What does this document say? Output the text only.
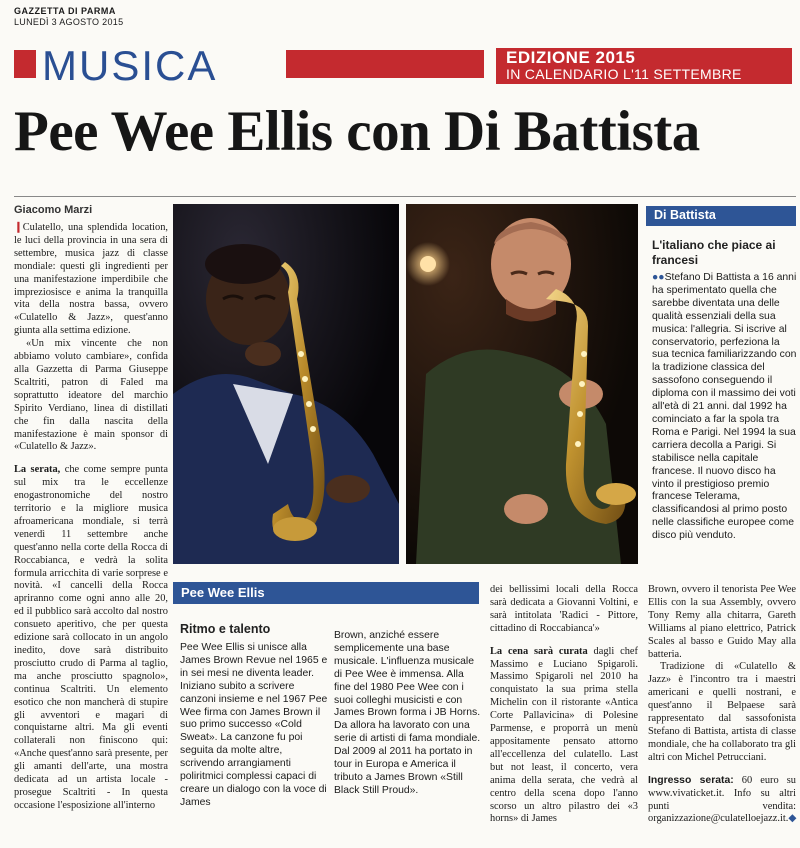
GAZZETTA DI PARMA
LUNEDÌ 3 AGOSTO 2015
MUSICA	EDIZIONE 2015
IN CALENDARIO L'11 SETTEMBRE
Pee Wee Ellis con Di Battista
Giacomo Marzi

❙Culatello, una splendida location, le luci della provincia in una sera di settembre, musica jazz di classe mondiale: questi gli ingredienti per una manifestazione imperdibile che impreziosisce e anima la tranquilla vita della nostra bassa, ovvero «Culatello & Jazz», quest'anno giunta alla settima edizione.

«Un mix vincente che non abbiamo voluto cambiare», confida alla Gazzetta di Parma Giuseppe Scaltriti, patron di Faled ma soprattutto ideatore del marchio Spirito Verdiano, linea di distillati che fin dalla nascita della manifestazione è main sponsor di «Culatello & Jazz».

La serata, che come sempre punta sul mix tra le eccellenze enogastronomiche del nostro territorio e la migliore musica afroamericana mondiale, si terrà venerdì 11 settembre anche quest'anno nella corte della Rocca di Roccabianca, e vedrà la solita formula arricchita di varie sorprese e novità. «I cancelli della Rocca apriranno come ogni anno alle 20, ed il pubblico sarà accolto dal nostro consueto aperitivo, che per questa edizione sarà collocato in un angolo inedito, dove sarà distribuito prosciutto crudo di Parma al taglio, ma anche prosciutto spagnolo», continua Scaltriti. Un elemento esotico che non mancherà di stupire gli avventori e magari di conquistarne altri. Ma gli eventi collaterali non finiscono qui: «Anche quest'anno sarà presente, per gli amanti dell'arte, una mostra dedicata ad un artista locale - prosegue Scaltriti - In questa occasione l'esposizione all'interno

Di Battista
L'italiano che piace ai francesi
●●Stefano Di Battista a 16 anni ha sperimentato quella che sarebbe diventata una delle qualità essenziali della sua musica: l'allegria. Si iscrive al conservatorio, perfeziona la sua tecnica familiarizzando con la tradizione classica del sassofono conseguendo il diploma con il massimo dei voti all'età di 21 anni. dal 1992 ha cominciato a far la spola tra Roma e Parigi. Nel 1994 la sua carriera decolla a Parigi. Si stabilisce nella capitale francese. Il nuovo disco ha vinto il prestigioso premio francese Telerama, classificandosi al primo posto nelle classifiche europee come disco più venduto.
Pee Wee Ellis
Ritmo e talento
Pee Wee Ellis si unisce alla James Brown Revue nel 1965 e in sei mesi ne diventa leader. Iniziano subito a scrivere canzoni insieme e nel 1967 Pee Wee firma con James Brown il suo primo successo «Cold Sweat». La canzone fu poi seguita da molte altre, scrivendo arrangiamenti poliritmici complessi capaci di creare un dialogo con la voce di James
Brown, anziché essere semplicemente una base musicale. L'influenza musicale di Pee Wee è immensa. Alla fine del 1980 Pee Wee con i suoi colleghi musicisti e con James Brown forma i JB Horns. Da allora ha lavorato con una serie di artisti di fama mondiale. Dal 2009 al 2011 ha portato in tour in Europa e America il tributo a James Brown «Still Black Still Proud».

dei bellissimi locali della Rocca sarà dedicata a Giovanni Voltini, e sarà intitolata 'Radici - Pittore, cittadino di Roccabianca'»

La cena sarà curata dagli chef Massimo e Luciano Spigaroli. Massimo Spigaroli nel 2010 ha conquistato la sua prima stella Michelin con il ristorante «Antica Corte Pallavicina» di Polesine Parmense, e proporrà un menù appositamente pensato attorno all'eccellenza del culatello. Last but not least, il concerto, vera anima della serata, che vedrà al centro della scena dopo l'anno scorso un altro pilastro dei «3 horns» di James

Brown, ovvero il tenorista Pee Wee Ellis con la sua Assembly, ovvero Tony Remy alla chitarra, Gareth Williams al piano elettrico, Patrick Scales al basso e Guido May alla batteria.

Tradizione di «Culatello & Jazz» è l'incontro tra i maestri americani e quelli nostrani, e quest'anno il Belpaese sarà rappresentato dal sassofonista Stefano di Battista, artista di classe mondiale, che ha collaborato tra gli altri con Michel Petrucciani.

Ingresso serata: 60 euro su www.vivaticket.it. Info su altri punti vendita: organizzazione@culatelloejazz.it.◆
